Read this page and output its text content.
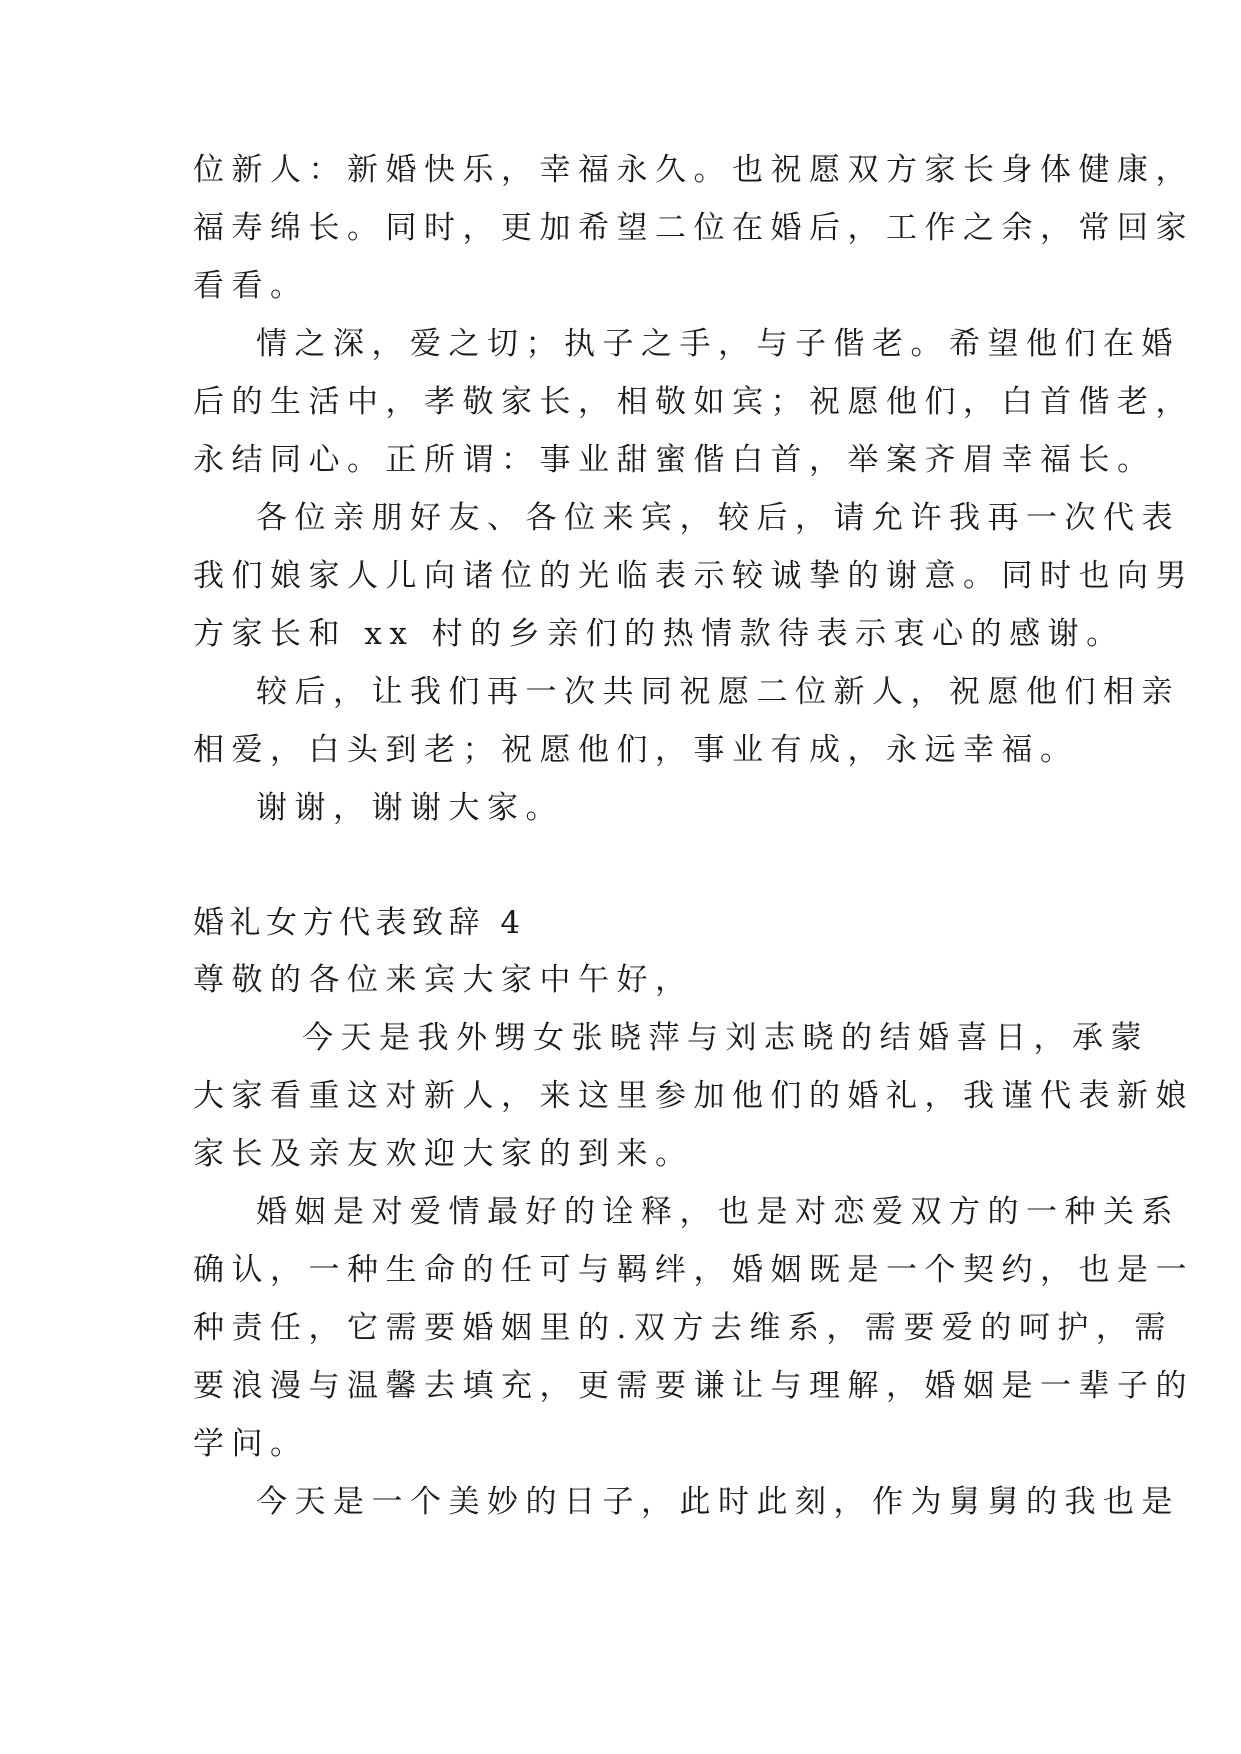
位新人：新婚快乐，幸福永久。也祝愿双方家长身体健康，
福寿绵长。同时，更加希望二位在婚后，工作之余，常回家
看看。
情之深，爱之切；执子之手，与子偕老。希望他们在婚
后的生活中，孝敬家长，相敬如宾；祝愿他们，白首偕老，
永结同心。正所谓：事业甜蜜偕白首，举案齐眉幸福长。
各位亲朋好友、各位来宾，较后，请允许我再一次代表
我们娘家人儿向诸位的光临表示较诚挚的谢意。同时也向男
方家长和 xx 村的乡亲们的热情款待表示衷心的感谢。
较后，让我们再一次共同祝愿二位新人，祝愿他们相亲
相爱，白头到老；祝愿他们，事业有成，永远幸福。
谢谢，谢谢大家。
婚礼女方代表致辞 4
尊敬的各位来宾大家中午好，
今天是我外甥女张晓萍与刘志晓的结婚喜日，承蒙
大家看重这对新人，来这里参加他们的婚礼，我谨代表新娘
家长及亲友欢迎大家的到来。
婚姻是对爱情最好的诠释，也是对恋爱双方的一种关系
确认，一种生命的任可与羁绊，婚姻既是一个契约，也是一
种责任，它需要婚姻里的.双方去维系，需要爱的呵护，需
要浪漫与温馨去填充，更需要谦让与理解，婚姻是一辈子的
学问。
今天是一个美妙的日子，此时此刻，作为舅舅的我也是
